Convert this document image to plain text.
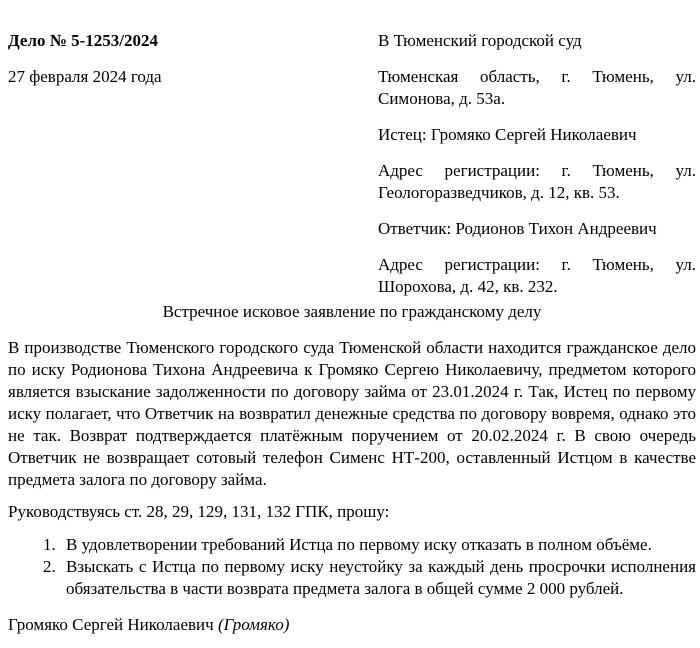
Дело № 5-1253/2024

27 февраля 2024 года

В Тюменский городской суд

Тюменская область, г. Тюмень, ул. Симонова, д. 53а.

Истец: Громяко Сергей Николаевич

Адрес регистрации: г. Тюмень, ул. Геологоразведчиков, д. 12, кв. 53.

Ответчик: Родионов Тихон Андреевич

Адрес регистрации: г. Тюмень, ул. Шорохова, д. 42, кв. 232.

Встречное исковое заявление по гражданскому делу

В производстве Тюменского городского суда Тюменской области находится гражданское дело по иску Родионова Тихона Андреевича к Громяко Сергею Николаевичу, предметом которого является взыскание задолженности по договору займа от 23.01.2024 г. Так, Истец по первому иску полагает, что Ответчик на возвратил денежные средства по договору вовремя, однако это не так. Возврат подтверждается платёжным поручением от 20.02.2024 г. В свою очередь Ответчик не возвращает сотовый телефон Сименс НТ-200, оставленный Истцом в качестве предмета залога по договору займа.

Руководствуясь ст. 28, 29, 129, 131, 132 ГПК, прошу:

1. В удовлетворении требований Истца по первому иску отказать в полном объёме.
2. Взыскать с Истца по первому иску неустойку за каждый день просрочки исполнения обязательства в части возврата предмета залога в общей сумме 2 000 рублей.

Громяко Сергей Николаевич (Громяко)
